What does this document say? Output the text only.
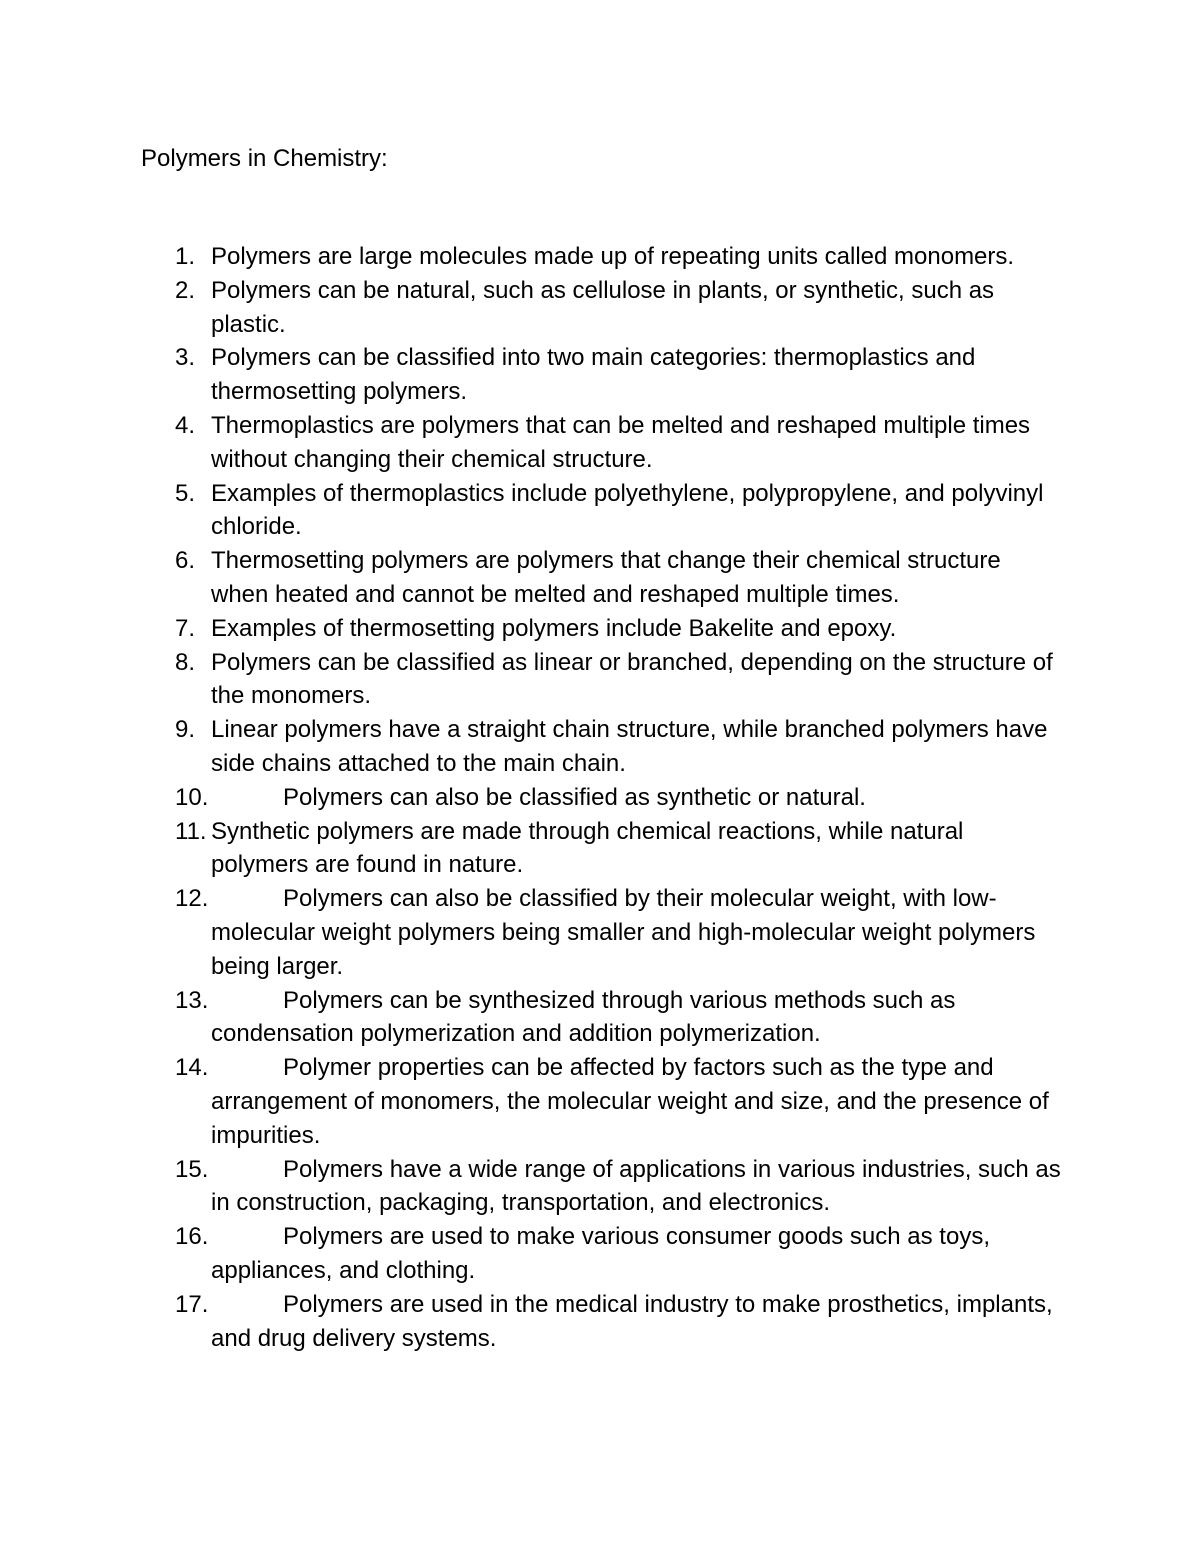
Polymers in Chemistry:
1. Polymers are large molecules made up of repeating units called monomers.
2. Polymers can be natural, such as cellulose in plants, or synthetic, such as plastic.
3. Polymers can be classified into two main categories: thermoplastics and thermosetting polymers.
4. Thermoplastics are polymers that can be melted and reshaped multiple times without changing their chemical structure.
5. Examples of thermoplastics include polyethylene, polypropylene, and polyvinyl chloride.
6. Thermosetting polymers are polymers that change their chemical structure when heated and cannot be melted and reshaped multiple times.
7. Examples of thermosetting polymers include Bakelite and epoxy.
8. Polymers can be classified as linear or branched, depending on the structure of the monomers.
9. Linear polymers have a straight chain structure, while branched polymers have side chains attached to the main chain.
10.	Polymers can also be classified as synthetic or natural.
11. Synthetic polymers are made through chemical reactions, while natural polymers are found in nature.
12.	Polymers can also be classified by their molecular weight, with low-molecular weight polymers being smaller and high-molecular weight polymers being larger.
13.	Polymers can be synthesized through various methods such as condensation polymerization and addition polymerization.
14.	Polymer properties can be affected by factors such as the type and arrangement of monomers, the molecular weight and size, and the presence of impurities.
15.	Polymers have a wide range of applications in various industries, such as in construction, packaging, transportation, and electronics.
16.	Polymers are used to make various consumer goods such as toys, appliances, and clothing.
17.	Polymers are used in the medical industry to make prosthetics, implants, and drug delivery systems.
